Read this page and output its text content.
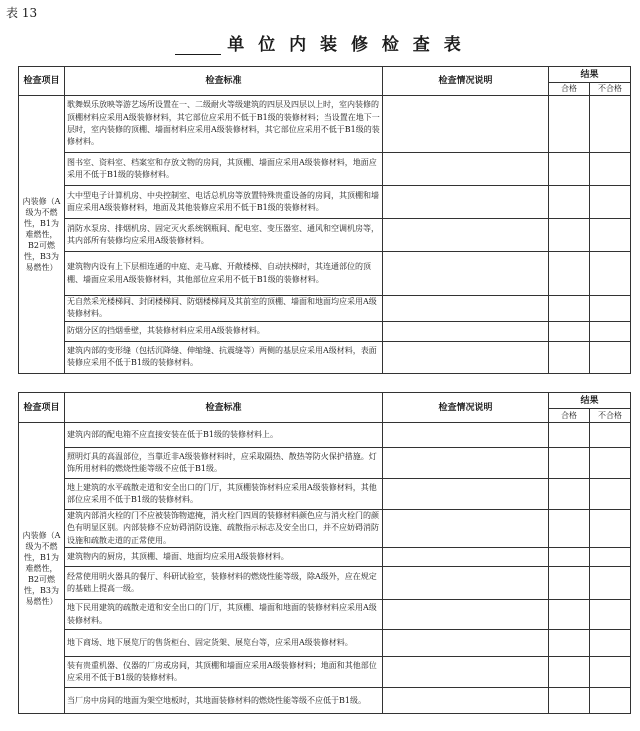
表 13
单 位 内 装 修 检 查 表
检查项目	检查标准	检查情况说明	结果	
			合格	不合格
内装修（A级为不燃性，B1为难燃性，B2可燃性，B3为易燃性）	歌舞娱乐放映等游艺场所设置在一、二级耐火等级建筑的四层及四层以上时，室内装修的顶棚材料应采用A级装修材料，其它部位应采用不低于B1级的装修材料；当设置在地下一层时，室内装修的顶棚、墙面材料应采用A级装修材料，其它部位应采用不低于B1级的装修材料。			
	图书室、资料室、档案室和存放文物的房间，其顶棚、墙面应采用A级装修材料，地面应采用不低于B1级的装修材料。			
	大中型电子计算机房、中央控制室、电话总机房等放置特殊贵重设备的房间，其顶棚和墙面应采用A级装修材料，地面及其他装修应采用不低于B1级的装修材料。			
	消防水泵房、排烟机房、固定灭火系统钢瓶间、配电室、变压器室、通风和空调机房等，其内部所有装修均应采用A级装修材料。			
	建筑物内设有上下层相连通的中庭、走马廊、开敞楼梯、自动扶梯时，其连通部位的顶棚、墙面应采用A级装修材料，其他部位应采用不低于B1级的装修材料。			
	无自然采光楼梯间、封闭楼梯间、防烟楼梯间及其前室的顶棚、墙面和地面均应采用A级装修材料。			
	防烟分区的挡烟垂壁，其装修材料应采用A级装修材料。			
	建筑内部的变形缝（包括沉降缝、伸缩缝、抗震缝等）两侧的基层应采用A级材料，表面装修应采用不低于B1级的装修材料。			
检查项目	检查标准	检查情况说明	结果	
			合格	不合格
内装修（A级为不燃性，B1为难燃性，B2可燃性，B3为易燃性）	建筑内部的配电箱不应直接安装在低于B1级的装修材料上。			
	照明灯具的高温部位，当靠近非A级装修材料时，应采取隔热、散热等防火保护措施。灯饰所用材料的燃烧性能等级不应低于B1级。			
	地上建筑的水平疏散走道和安全出口的门厅，其顶棚装饰材料应采用A级装修材料，其他部位应采用不低于B1级的装修材料。			
	建筑内部消火栓的门不应被装饰物遮掩，消火栓门四周的装修材料颜色应与消火栓门的颜色有明显区别。内部装修不应妨碍消防设施、疏散指示标志及安全出口，并不应妨碍消防设施和疏散走道的正常使用。			
	建筑物内的厨房，其顶棚、墙面、地面均应采用A级装修材料。			
	经常使用明火器具的餐厅、科研试验室，装修材料的燃烧性能等级，除A级外，应在规定的基础上提高一级。			
	地下民用建筑的疏散走道和安全出口的门厅，其顶棚、墙面和地面的装修材料应采用A级装修材料。			
	地下商场、地下展览厅的售货柜台、固定货架、展览台等，应采用A级装修材料。			
	装有贵重机器、仪器的厂房或房间，其顶棚和墙面应采用A级装修材料；地面和其他部位应采用不低于B1级的装修材料。			
	当厂房中房间的地面为架空地板时，其地面装修材料的燃烧性能等级不应低于B1级。			
